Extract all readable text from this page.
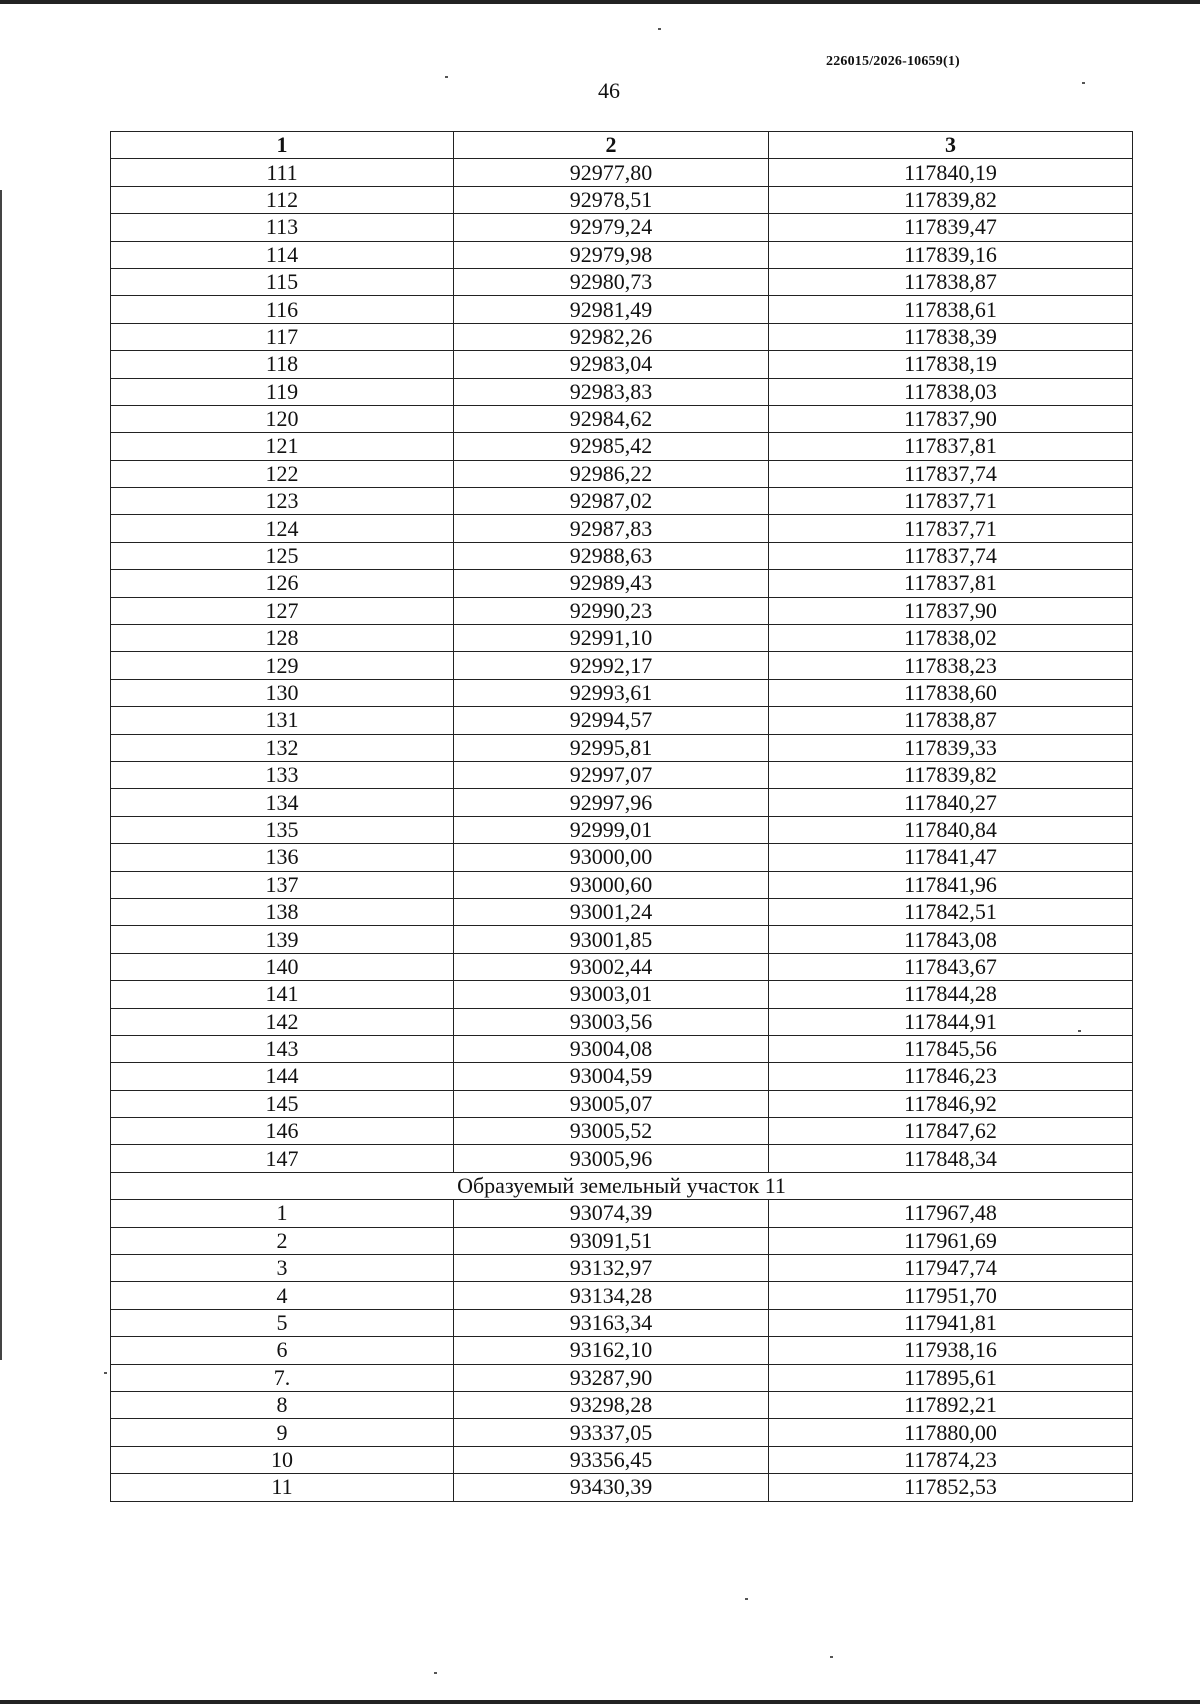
226015/2026-10659(1)
46
1	2	3
111	92977,80	117840,19
112	92978,51	117839,82
113	92979,24	117839,47
114	92979,98	117839,16
115	92980,73	117838,87
116	92981,49	117838,61
117	92982,26	117838,39
118	92983,04	117838,19
119	92983,83	117838,03
120	92984,62	117837,90
121	92985,42	117837,81
122	92986,22	117837,74
123	92987,02	117837,71
124	92987,83	117837,71
125	92988,63	117837,74
126	92989,43	117837,81
127	92990,23	117837,90
128	92991,10	117838,02
129	92992,17	117838,23
130	92993,61	117838,60
131	92994,57	117838,87
132	92995,81	117839,33
133	92997,07	117839,82
134	92997,96	117840,27
135	92999,01	117840,84
136	93000,00	117841,47
137	93000,60	117841,96
138	93001,24	117842,51
139	93001,85	117843,08
140	93002,44	117843,67
141	93003,01	117844,28
142	93003,56	117844,91
143	93004,08	117845,56
144	93004,59	117846,23
145	93005,07	117846,92
146	93005,52	117847,62
147	93005,96	117848,34
Образуемый земельный участок 11		
1	93074,39	117967,48
2	93091,51	117961,69
3	93132,97	117947,74
4	93134,28	117951,70
5	93163,34	117941,81
6	93162,10	117938,16
7.	93287,90	117895,61
8	93298,28	117892,21
9	93337,05	117880,00
10	93356,45	117874,23
11	93430,39	117852,53
